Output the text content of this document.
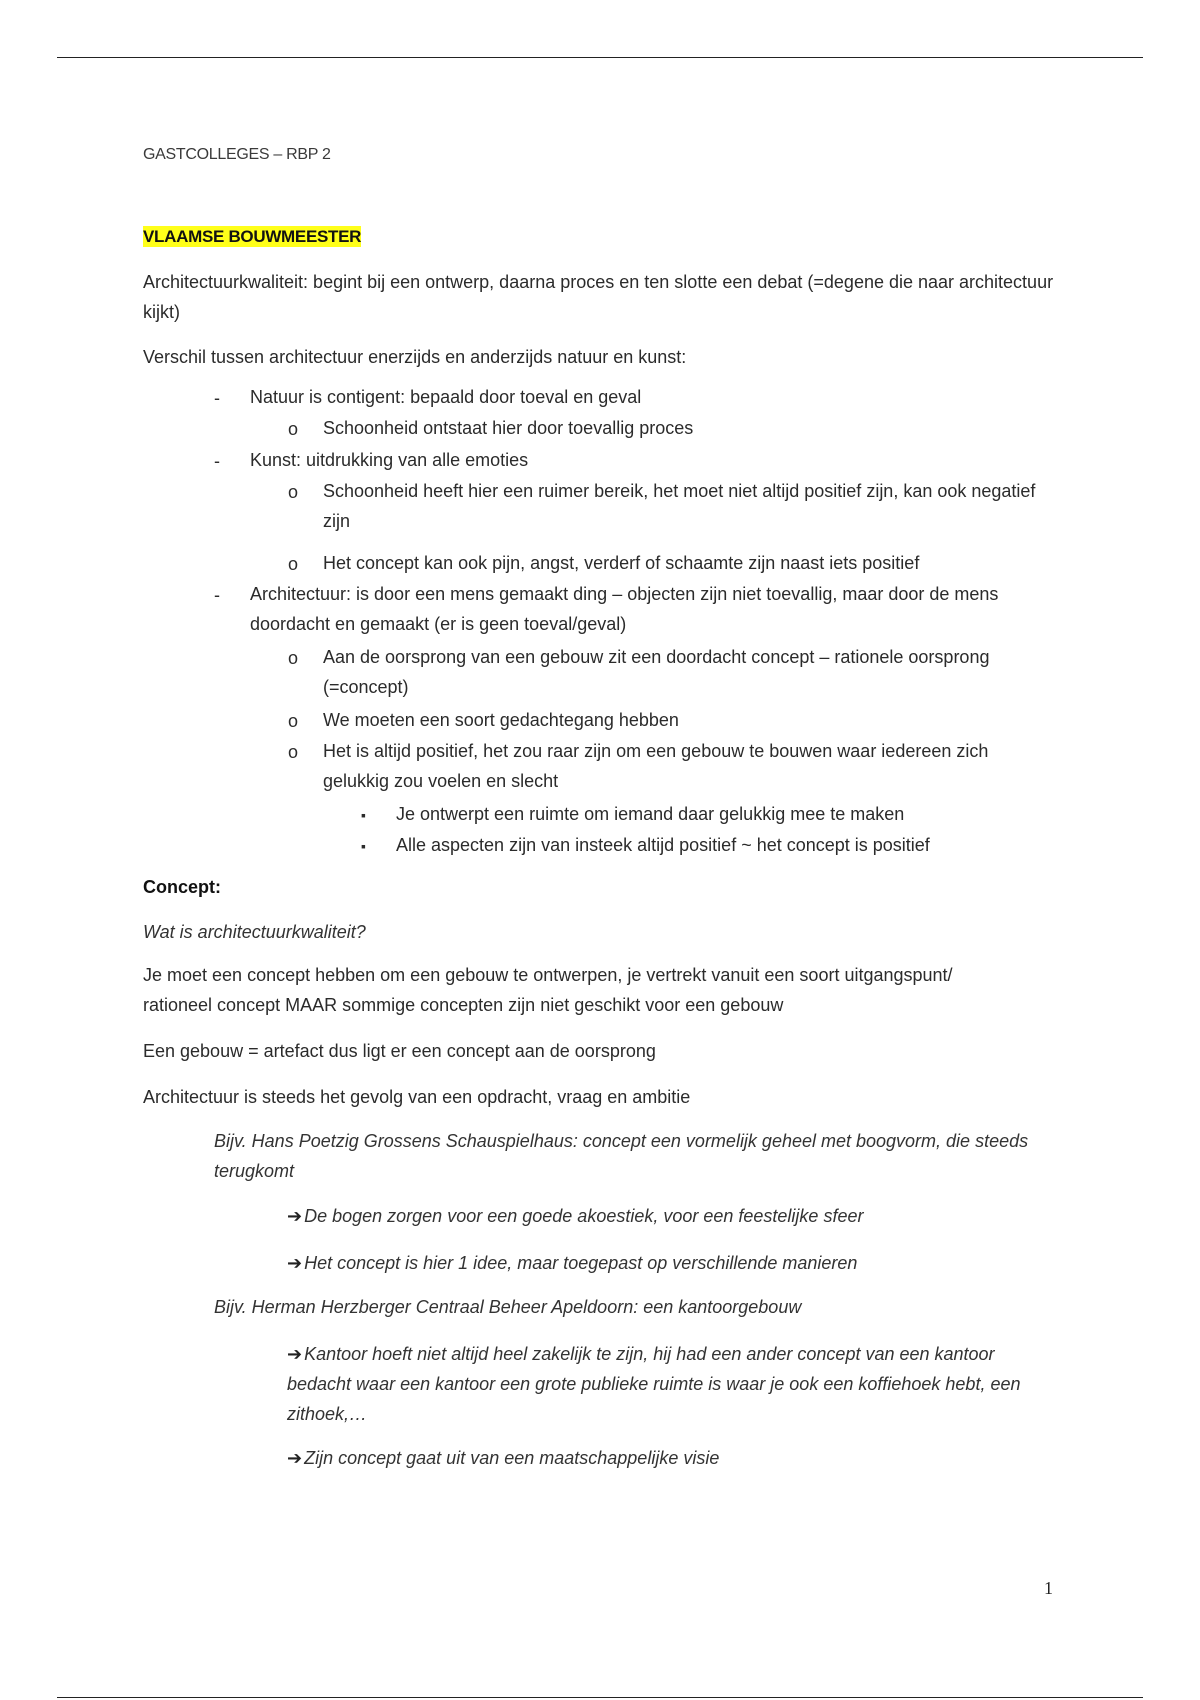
GASTCOLLEGES – RBP 2
VLAAMSE BOUWMEESTER

Architectuurkwaliteit: begint bij een ontwerp, daarna proces en ten slotte een debat (=degene die naar architectuur kijkt)

Verschil tussen architectuur enerzijds en anderzijds natuur en kunst:

- Natuur is contigent: bepaald door toeval en geval
o Schoonheid ontstaat hier door toevallig proces
- Kunst: uitdrukking van alle emoties
o Schoonheid heeft hier een ruimer bereik, het moet niet altijd positief zijn, kan ook negatief zijn
o Het concept kan ook pijn, angst, verderf of schaamte zijn naast iets positief
- Architectuur: is door een mens gemaakt ding – objecten zijn niet toevallig, maar door de mens doordacht en gemaakt (er is geen toeval/geval)
o Aan de oorsprong van een gebouw zit een doordacht concept – rationele oorsprong (=concept)
o We moeten een soort gedachtegang hebben
o Het is altijd positief, het zou raar zijn om een gebouw te bouwen waar iedereen zich gelukkig zou voelen en slecht
▪ Je ontwerpt een ruimte om iemand daar gelukkig mee te maken
▪ Alle aspecten zijn van insteek altijd positief ~ het concept is positief
Concept:
Wat is architectuurkwaliteit?

Je moet een concept hebben om een gebouw te ontwerpen, je vertrekt vanuit een soort uitgangspunt/ rationeel concept MAAR sommige concepten zijn niet geschikt voor een gebouw

Een gebouw = artefact dus ligt er een concept aan de oorsprong

Architectuur is steeds het gevolg van een opdracht, vraag en ambitie

Bijv. Hans Poetzig Grossens Schauspielhaus: concept een vormelijk geheel met boogvorm, die steeds terugkomt

➔ De bogen zorgen voor een goede akoestiek, voor een feestelijke sfeer

➔ Het concept is hier 1 idee, maar toegepast op verschillende manieren

Bijv. Herman Herzberger Centraal Beheer Apeldoorn: een kantoorgebouw

➔ Kantoor hoeft niet altijd heel zakelijk te zijn, hij had een ander concept van een kantoor bedacht waar een kantoor een grote publieke ruimte is waar je ook een koffiehoek hebt, een zithoek,…

➔ Zijn concept gaat uit van een maatschappelijke visie

1
